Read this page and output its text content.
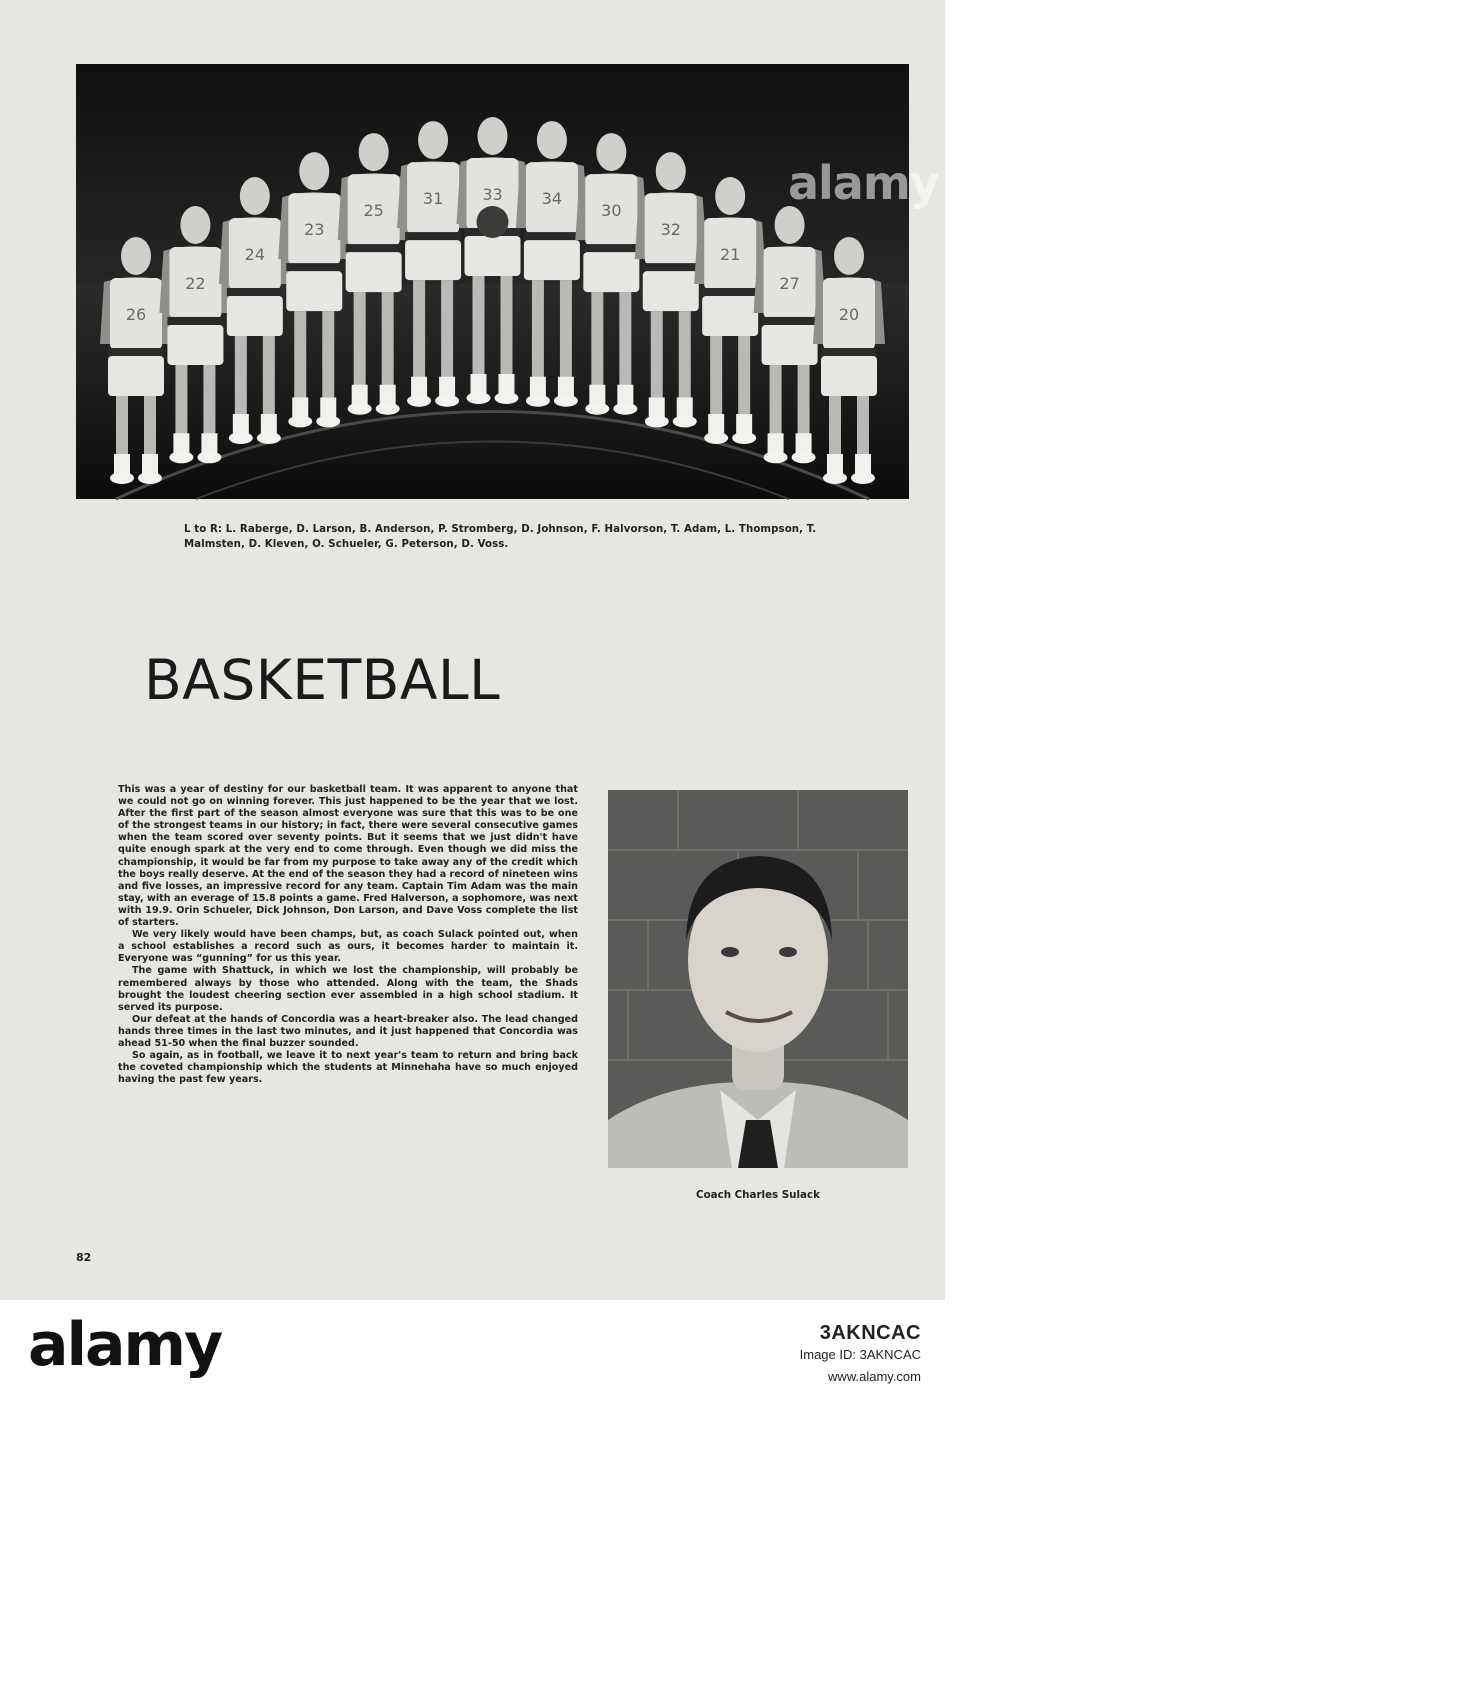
26
22
24
23
25
31 33 34
30
32
21
27
20
alamy
L to R: L. Raberge, D. Larson, B. Anderson, P. Stromberg, D. Johnson, F. Halvorson, T. Adam, L. Thompson, T. Malmsten, D. Kleven, O. Schueler, G. Peterson, D. Voss.
BASKETBALL

This was a year of destiny for our basketball team. It was apparent to anyone that we could not go on winning forever. This just happened to be the year that we lost. After the first part of the season almost everyone was sure that this was to be one of the strongest teams in our history; in fact, there were several consecutive games when the team scored over seventy points. But it seems that we just didn't have quite enough spark at the very end to come through. Even though we did miss the championship, it would be far from my purpose to take away any of the credit which the boys really deserve. At the end of the season they had a record of nineteen wins and five losses, an impressive record for any team. Captain Tim Adam was the main stay, with an everage of 15.8 points a game. Fred Halverson, a sophomore, was next with 19.9. Orin Schueler, Dick Johnson, Don Larson, and Dave Voss complete the list of starters.

We very likely would have been champs, but, as coach Sulack pointed out, when a school establishes a record such as ours, it becomes harder to maintain it. Everyone was “gunning” for us this year.

The game with Shattuck, in which we lost the championship, will probably be remembered always by those who attended. Along with the team, the Shads brought the loudest cheering section ever assembled in a high school stadium. It served its purpose.

Our defeat at the hands of Concordia was a heart-breaker also. The lead changed hands three times in the last two minutes, and it just happened that Concordia was ahead 51-50 when the final buzzer sounded.

So again, as in football, we leave it to next year's team to return and bring back the coveted championship which the students at Minnehaha have so much enjoyed having the past few years.

alamy
Coach Charles Sulack
82
alamy	3AKNCAC
Image ID: 3AKNCAC
www.alamy.com
